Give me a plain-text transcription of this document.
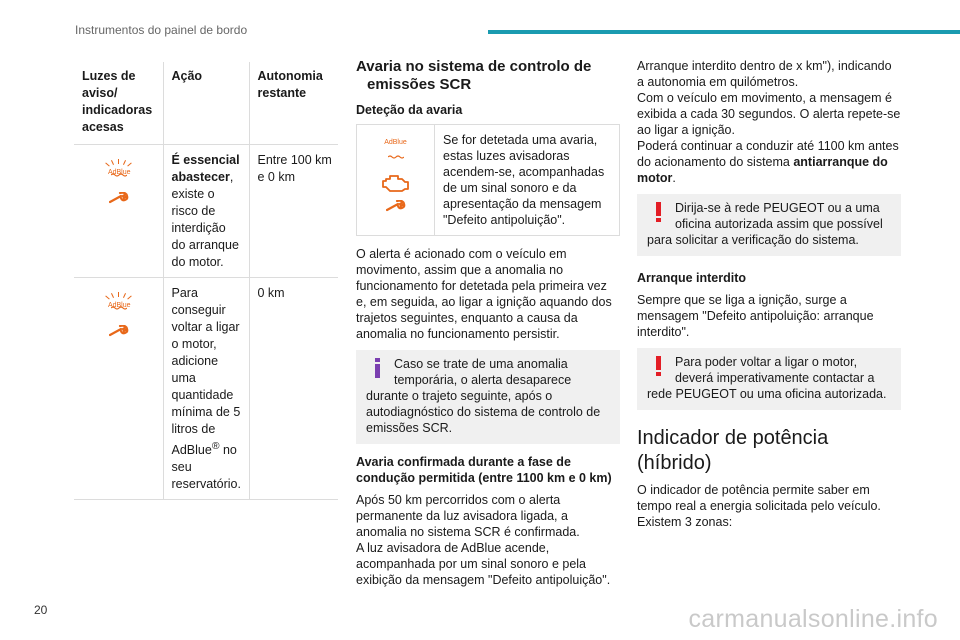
Instrumentos do painel de bordo
Luzes de aviso/ indicadoras acesas	Ação	Autonomia restante

AdBlue	É essencial abastecer, existe o risco de interdição do arranque do motor.	Entre 100 km e 0 km

AdBlue	Para conseguir voltar a ligar o motor, adicione uma quantidade mínima de 5 litros de AdBlue® no seu reservatório.	0 km
Avaria no sistema de controlo de emissões SCR
Deteção da avaria
AdBlue	Se for detetada uma avaria, estas luzes avisadoras acendem-se, acompanhadas de um sinal sonoro e da apresentação da mensagem "Defeito antipoluição".

O alerta é acionado com o veículo em movimento, assim que a anomalia no funcionamento for detetada pela primeira vez e, em seguida, ao ligar a ignição aquando dos trajetos seguintes, enquanto a causa da anomalia no funcionamento persistir.

Caso se trate de uma anomalia temporária, o alerta desaparece durante o trajeto seguinte, após o autodiagnóstico do sistema de controlo de emissões SCR.
Avaria confirmada durante a fase de condução permitida (entre 1100 km e 0 km)

Após 50 km percorridos com o alerta permanente da luz avisadora ligada, a anomalia no sistema SCR é confirmada.

A luz avisadora de AdBlue acende, acompanhada por um sinal sonoro e pela exibição da mensagem "Defeito antipoluição".

Arranque interdito dentro de x km"), indicando a autonomia em quilómetros.

Com o veículo em movimento, a mensagem é exibida a cada 30 segundos. O alerta repete-se ao ligar a ignição.

Poderá continuar a conduzir até 1100 km antes do acionamento do sistema antiarranque do motor.

Dirija-se à rede PEUGEOT ou a uma oficina autorizada assim que possível para solicitar a verificação do sistema.
Arranque interdito

Sempre que se liga a ignição, surge a mensagem "Defeito antipoluição: arranque interdito".

Para poder voltar a ligar o motor, deverá imperativamente contactar a rede PEUGEOT ou uma oficina autorizada.
Indicador de potência (híbrido)

O indicador de potência permite saber em tempo real a energia solicitada pelo veículo.

Existem 3 zonas:

20	carmanualsonline.info
